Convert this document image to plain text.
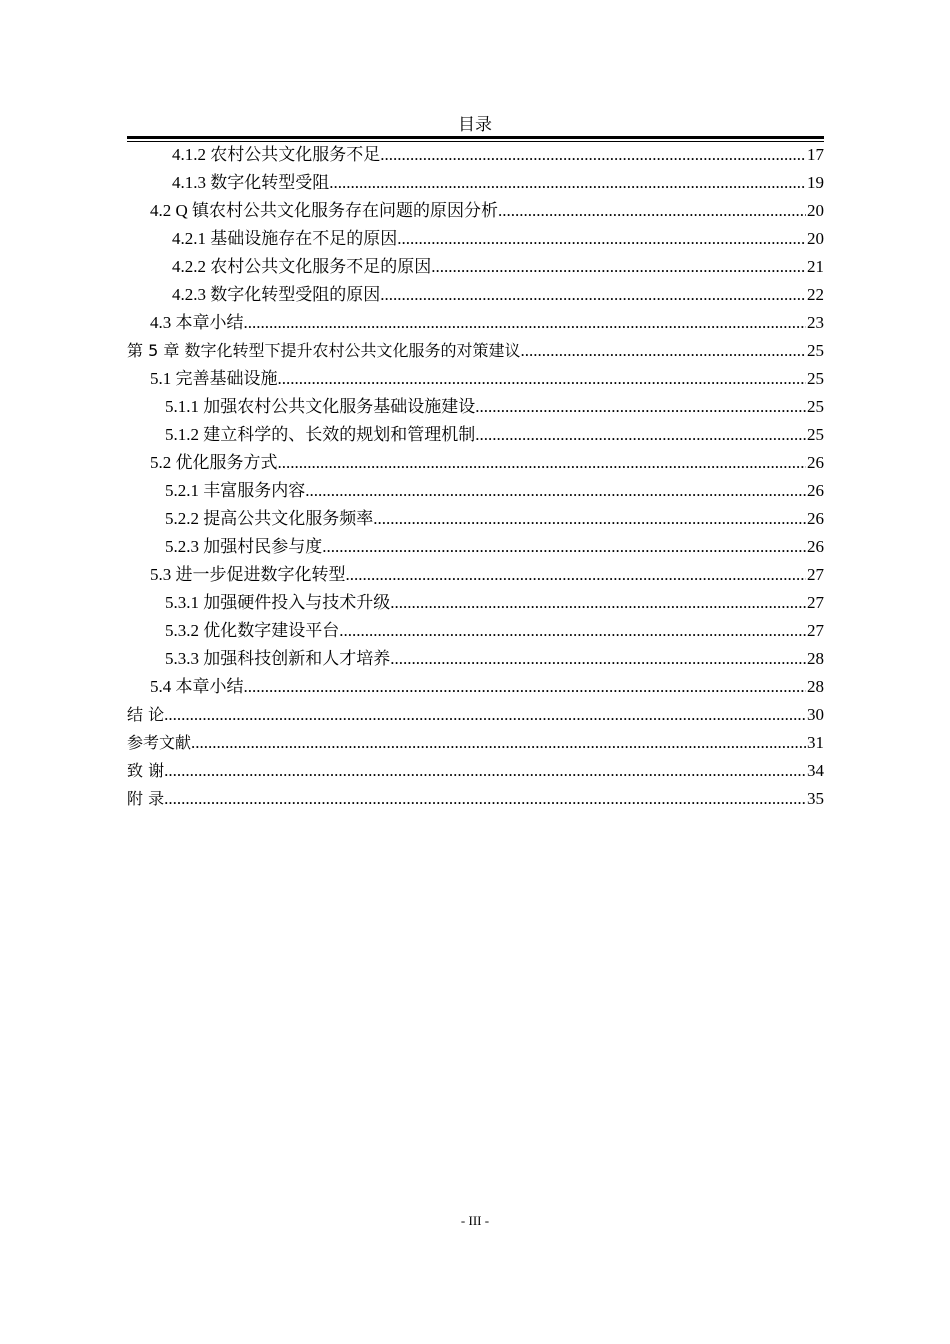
目录
4.1.2 农村公共文化服务不足 .....	17
4.1.3 数字化转型受阻 .....	19
4.2 Q 镇农村公共文化服务存在问题的原因分析 .....	20
4.2.1 基础设施存在不足的原因 .....	20
4.2.2 农村公共文化服务不足的原因 .....	21
4.2.3 数字化转型受阻的原因 .....	22
4.3 本章小结 .....	23
第 5 章 数字化转型下提升农村公共文化服务的对策建议 .....	25
5.1 完善基础设施 .....	25
5.1.1 加强农村公共文化服务基础设施建设 .....	25
5.1.2 建立科学的、长效的规划和管理机制 .....	25
5.2 优化服务方式 .....	26
5.2.1 丰富服务内容 .....	26
5.2.2 提高公共文化服务频率 .....	26
5.2.3 加强村民参与度 .....	26
5.3 进一步促进数字化转型 .....	27
5.3.1 加强硬件投入与技术升级 .....	27
5.3.2 优化数字建设平台 .....	27
5.3.3 加强科技创新和人才培养 .....	28
5.4 本章小结 .....	28
结 论 .....	30
参考文献 .....	31
致 谢 .....	34
附 录 .....	35
- III -
